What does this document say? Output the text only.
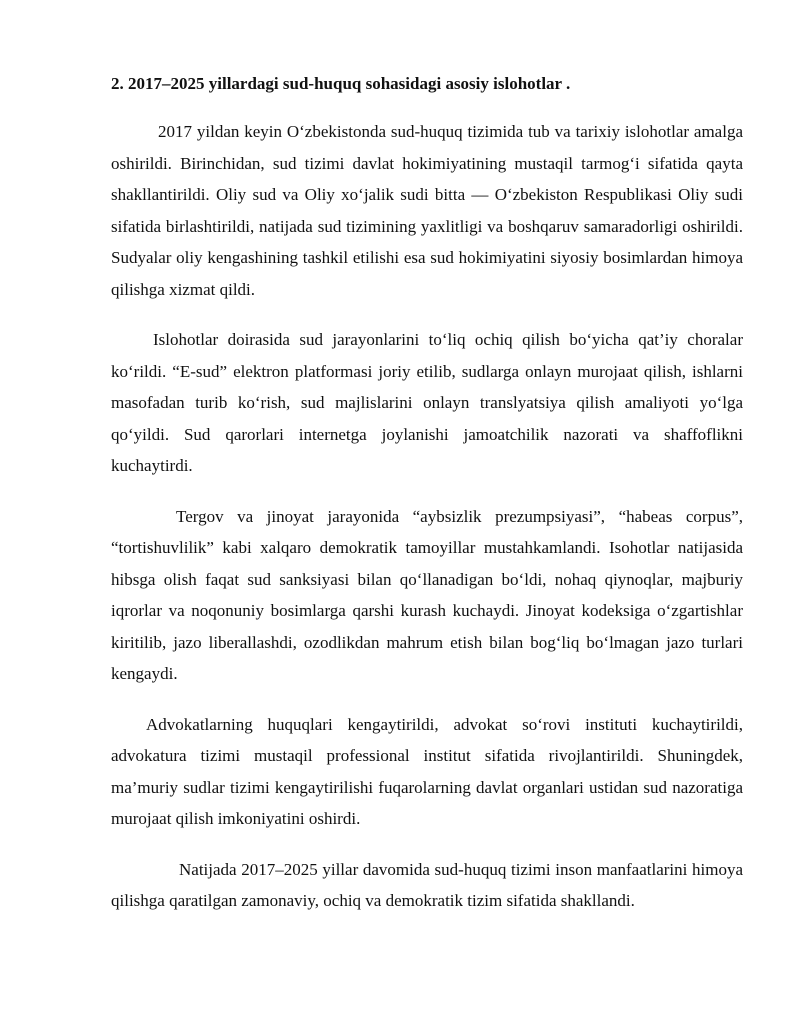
2. 2017–2025 yillardagi sud-huquq sohasidagi asosiy islohotlar .

2017 yildan keyin O‘zbekistonda sud-huquq tizimida tub va tarixiy islohotlar amalga oshirildi. Birinchidan, sud tizimi davlat hokimiyatining mustaqil tarmog‘i sifatida qayta shakllantirildi. Oliy sud va Oliy xo‘jalik sudi bitta — O‘zbekiston Respublikasi Oliy sudi sifatida birlashtirildi, natijada sud tizimining yaxlitligi va boshqaruv samaradorligi oshirildi. Sudyalar oliy kengashining tashkil etilishi esa sud hokimiyatini siyosiy bosimlardan himoya qilishga xizmat qildi.

Islohotlar doirasida sud jarayonlarini to‘liq ochiq qilish bo‘yicha qat’iy choralar ko‘rildi. “E-sud” elektron platformasi joriy etilib, sudlarga onlayn murojaat qilish, ishlarni masofadan turib ko‘rish, sud majlislarini onlayn translyatsiya qilish amaliyoti yo‘lga qo‘yildi. Sud qarorlari internetga joylanishi jamoatchilik nazorati va shaffoflikni kuchaytirdi.

Tergov va jinoyat jarayonida “aybsizlik prezumpsiyasi”, “habeas corpus”, “tortishuvlilik” kabi xalqaro demokratik tamoyillar mustahkamlandi. Isohotlar natijasida hibsga olish faqat sud sanksiyasi bilan qo‘llanadigan bo‘ldi, nohaq qiynoqlar, majburiy iqrorlar va noqonuniy bosimlarga qarshi kurash kuchaydi. Jinoyat kodeksiga o‘zgartishlar kiritilib, jazo liberallashdi, ozodlikdan mahrum etish bilan bog‘liq bo‘lmagan jazo turlari kengaydi.

Advokatlarning huquqlari kengaytirildi, advokat so‘rovi instituti kuchaytirildi, advokatura tizimi mustaqil professional institut sifatida rivojlantirildi. Shuningdek, ma’muriy sudlar tizimi kengaytirilishi fuqarolarning davlat organlari ustidan sud nazoratiga murojaat qilish imkoniyatini oshirdi.

Natijada 2017–2025 yillar davomida sud-huquq tizimi inson manfaatlarini himoya qilishga qaratilgan zamonaviy, ochiq va demokratik tizim sifatida shakllandi.
